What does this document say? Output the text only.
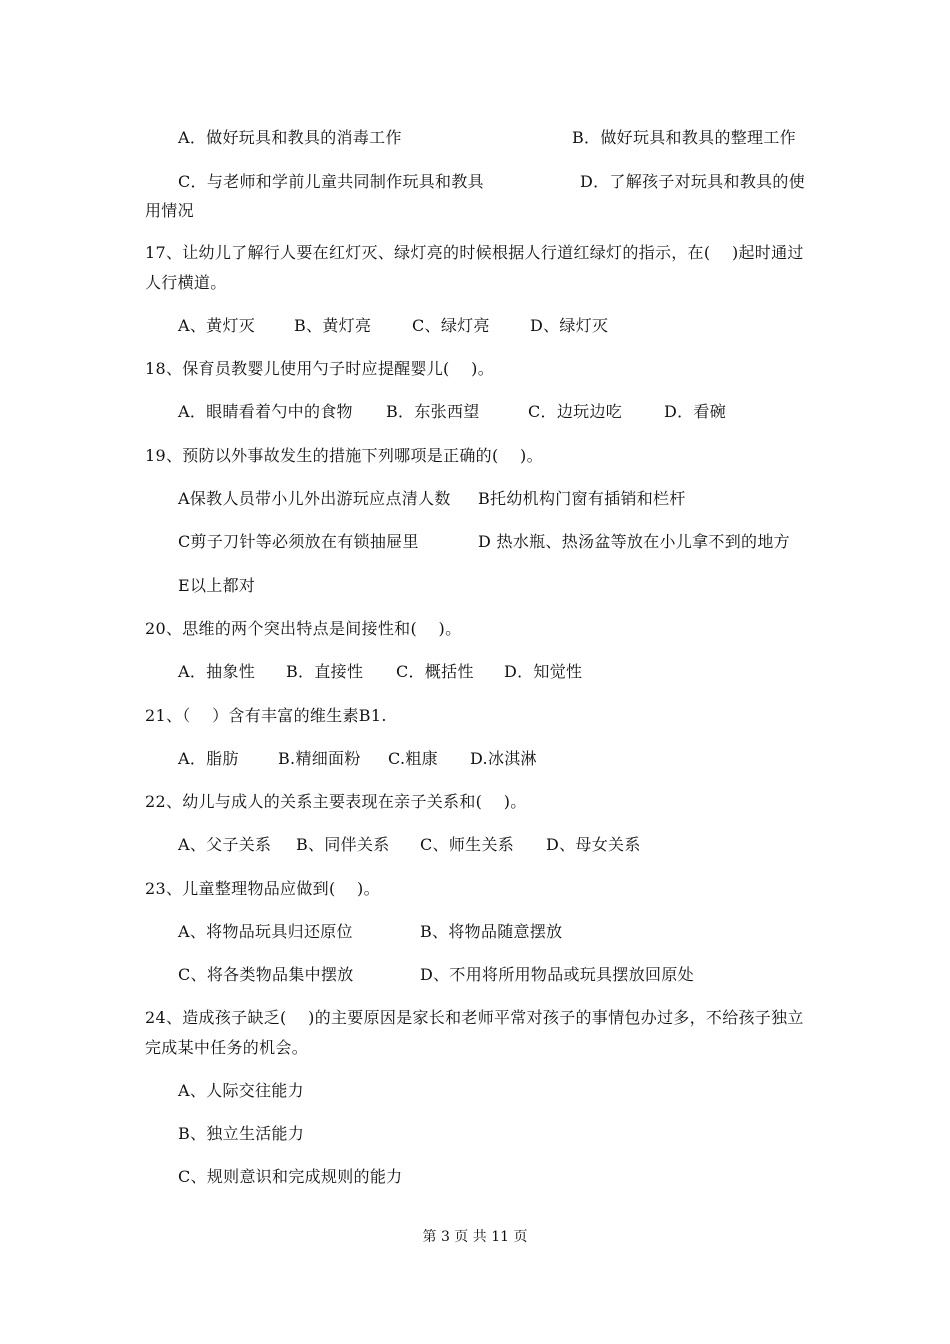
A．做好玩具和教具的消毒工作	B．做好玩具和教具的整理工作
C．与老师和学前儿童共同制作玩具和教具	D．了解孩子对玩具和教具的使
用情况
17、让幼儿了解行人要在红灯灭、绿灯亮的时候根据人行道红绿灯的指示，在(    )起时通过人行横道。
A、黄灯灭 B、黄灯亮	C、绿灯亮	D、绿灯灭
18、保育员教婴儿使用勺子时应提醒婴儿(    )。
A．眼睛看着勺中的食物 B．东张西望	C．边玩边吃	D．看碗
19、预防以外事故发生的措施下列哪项是正确的(    )。
A保教人员带小儿外出游玩应点清人数 B托幼机构门窗有插销和栏杆
C剪子刀针等必须放在有锁抽屉里	D 热水瓶、热汤盆等放在小儿拿不到的地方
E以上都对
20、思维的两个突出特点是间接性和(    )。
A．抽象性 B．直接性 C．概括性 D．知觉性
21、（    ）含有丰富的维生素B1.
A．脂肪 B.精细面粉 C.粗康 D.冰淇淋
22、幼儿与成人的关系主要表现在亲子关系和(    )。
A、父子关系 B、同伴关系 C、师生关系 D、母女关系
23、儿童整理物品应做到(    )。
A、将物品玩具归还原位	B、将物品随意摆放
C、将各类物品集中摆放	D、不用将所用物品或玩具摆放回原处
24、造成孩子缺乏(    )的主要原因是家长和老师平常对孩子的事情包办过多，不给孩子独立完成某中任务的机会。
A、人际交往能力
B、独立生活能力
C、规则意识和完成规则的能力
第 3 页 共 11 页
